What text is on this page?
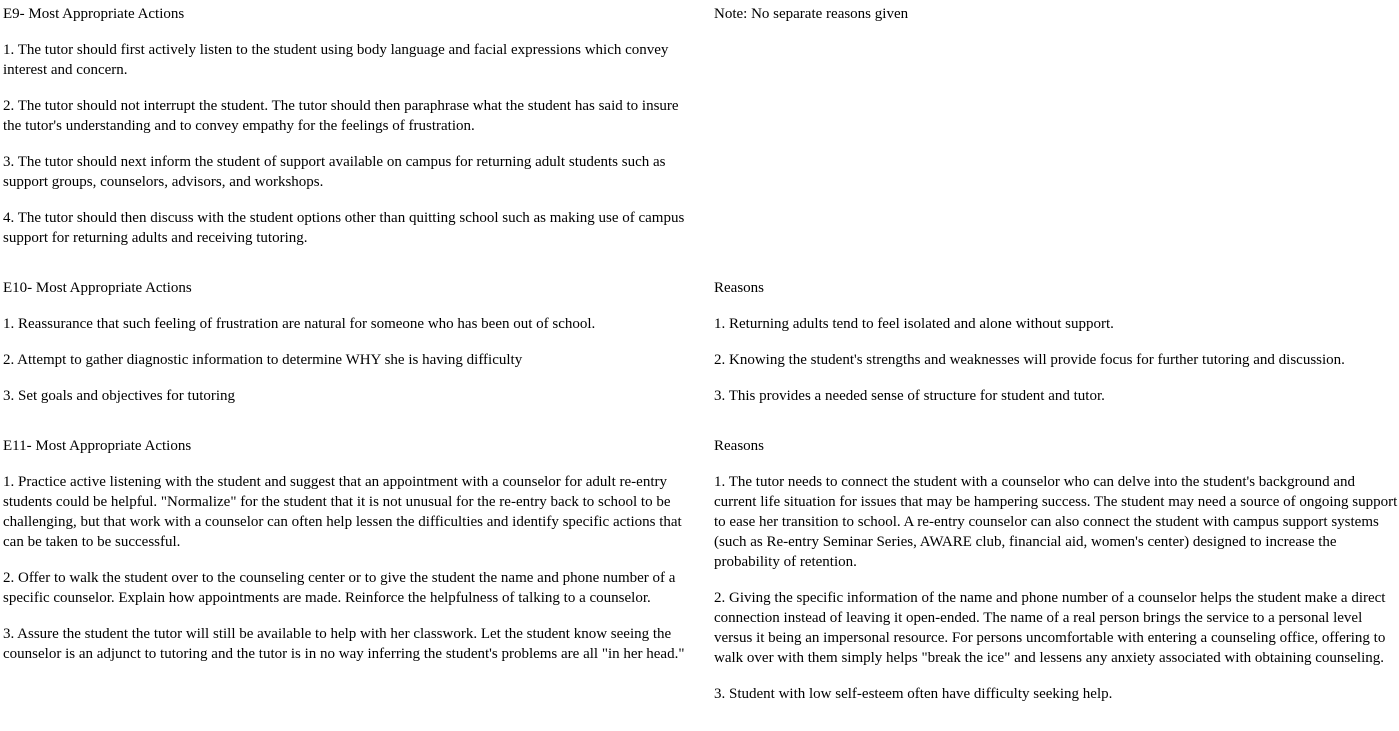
E9- Most Appropriate Actions

1. The tutor should first actively listen to the student using body language and facial expressions which convey interest and concern.

2. The tutor should not interrupt the student. The tutor should then paraphrase what the student has said to insure the tutor's understanding and to convey empathy for the feelings of frustration.

3. The tutor should next inform the student of support available on campus for returning adult students such as support groups, counselors, advisors, and workshops.

4. The tutor should then discuss with the student options other than quitting school such as making use of campus support for returning adults and receiving tutoring.

E10- Most Appropriate Actions

1. Reassurance that such feeling of frustration are natural for someone who has been out of school.

2. Attempt to gather diagnostic information to determine WHY she is having difficulty

3. Set goals and objectives for tutoring

E11- Most Appropriate Actions

1. Practice active listening with the student and suggest that an appointment with a counselor for adult re-entry students could be helpful. "Normalize" for the student that it is not unusual for the re-entry back to school to be challenging, but that work with a counselor can often help lessen the difficulties and identify specific actions that can be taken to be successful.

2. Offer to walk the student over to the counseling center or to give the student the name and phone number of a specific counselor. Explain how appointments are made. Reinforce the helpfulness of talking to a counselor.

3. Assure the student the tutor will still be available to help with her classwork. Let the student know seeing the counselor is an adjunct to tutoring and the tutor is in no way inferring the student's problems are all "in her head."

Note: No separate reasons given

Reasons

1. Returning adults tend to feel isolated and alone without support.

2. Knowing the student's strengths and weaknesses will provide focus for further tutoring and discussion.

3. This provides a needed sense of structure for student and tutor.

Reasons

1. The tutor needs to connect the student with a counselor who can delve into the student's background and current life situation for issues that may be hampering success. The student may need a source of ongoing support to ease her transition to school. A re-entry counselor can also connect the student with campus support systems (such as Re-entry Seminar Series, AWARE club, financial aid, women's center) designed to increase the probability of retention.

2. Giving the specific information of the name and phone number of a counselor helps the student make a direct connection instead of leaving it open-ended. The name of a real person brings the service to a personal level versus it being an impersonal resource. For persons uncomfortable with entering a counseling office, offering to walk over with them simply helps "break the ice" and lessens any anxiety associated with obtaining counseling.

3. Student with low self-esteem often have difficulty seeking help.
